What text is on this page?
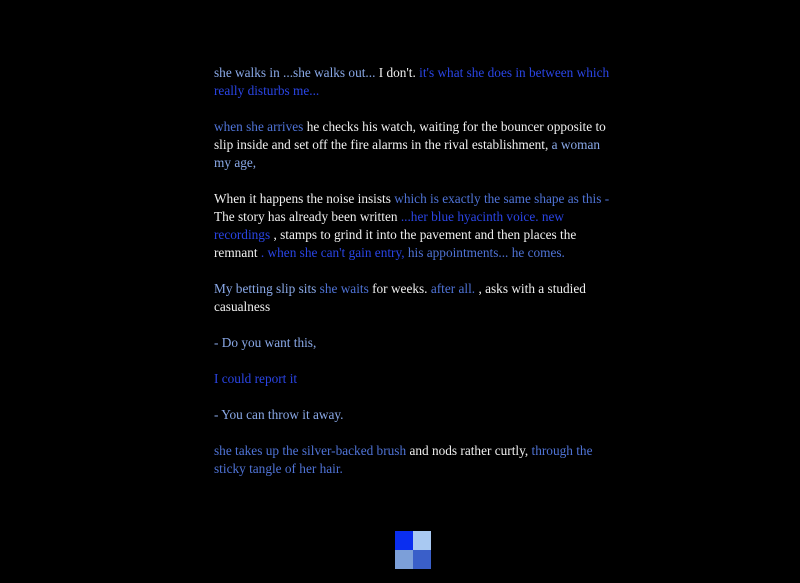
she walks in ...she walks out... I don't. it's what she does in between which really disturbs me...

when she arrives he checks his watch, waiting for the bouncer opposite to slip inside and set off the fire alarms in the rival establishment, a woman my age,

When it happens the noise insists which is exactly the same shape as this - The story has already been written ...her blue hyacinth voice. new recordings , stamps to grind it into the pavement and then places the remnant . when she can't gain entry, his appointments... he comes.

My betting slip sits she waits for weeks. after all. , asks with a studied casualness

- Do you want this,

I could report it

- You can throw it away.

she takes up the silver-backed brush and nods rather curtly, through the sticky tangle of her hair.
